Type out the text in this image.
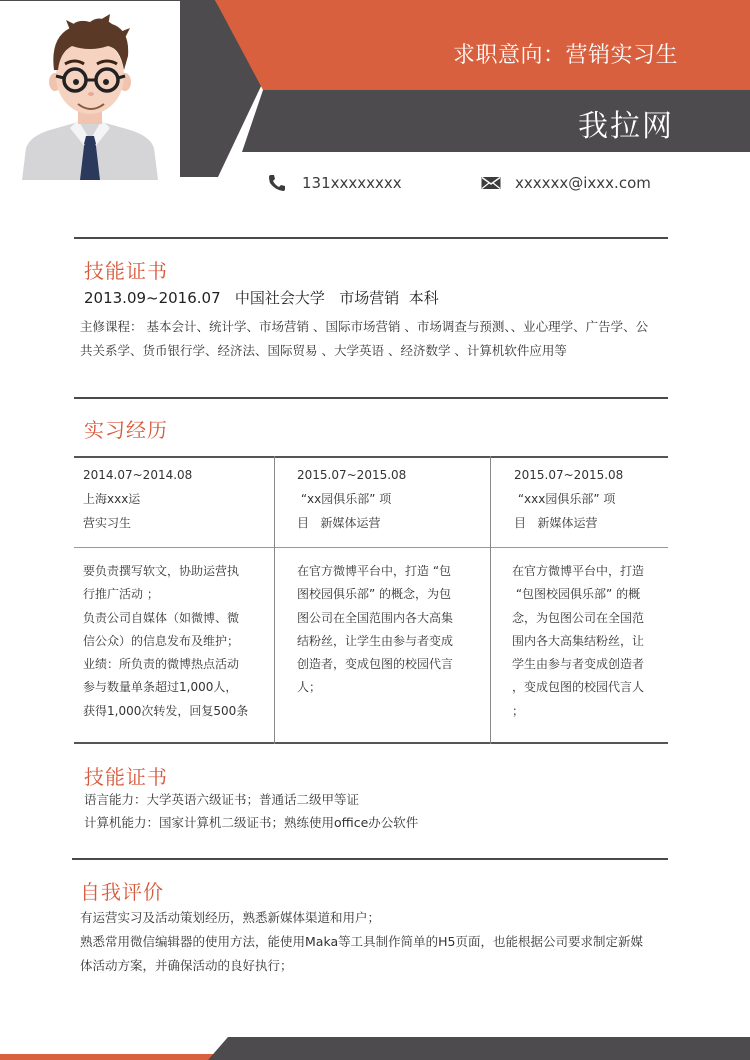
求职意向：营销实习生
我拉网
131xxxxxxxx	xxxxxx@ixxx.com
技能证书
2013.09~2016.07   中国社会大学   市场营销  本科
主修课程： 基本会计、统计学、市场营销 、国际市场营销 、市场调查与预测、、业心理学、广告学、公
共关系学、货币银行学、经济法、国际贸易 、大学英语 、经济数学 、计算机软件应用等
实习经历
2014.07~2014.08
上海xxx运
营实习生
要负责撰写软文，协助运营执
行推广活动 ；
负责公司自媒体（如微博、微
信公众）的信息发布及维护；
业绩：所负责的微博热点活动
参与数量单条超过1,000人，
获得1,000次转发，回复500条
2015.07~2015.08
“xx园俱乐部” 项
目   新媒体运营
在官方微博平台中，打造 “包
图校园俱乐部” 的概念，为包
图公司在全国范围内各大高集
结粉丝，让学生由参与者变成
创造者，变成包图的校园代言
人；
2015.07~2015.08
“xxx园俱乐部” 项
目   新媒体运营
在官方微博平台中，打造
“包图校园俱乐部” 的概
念，为包图公司在全国范
围内各大高集结粉丝，让
学生由参与者变成创造者
，变成包图的校园代言人
；
技能证书
语言能力：大学英语六级证书；普通话二级甲等证
计算机能力：国家计算机二级证书；熟练使用office办公软件
自我评价
有运营实习及活动策划经历，熟悉新媒体渠道和用户；
熟悉常用微信编辑器的使用方法，能使用Maka等工具制作简单的H5页面，也能根据公司要求制定新媒
体活动方案，并确保活动的良好执行；
